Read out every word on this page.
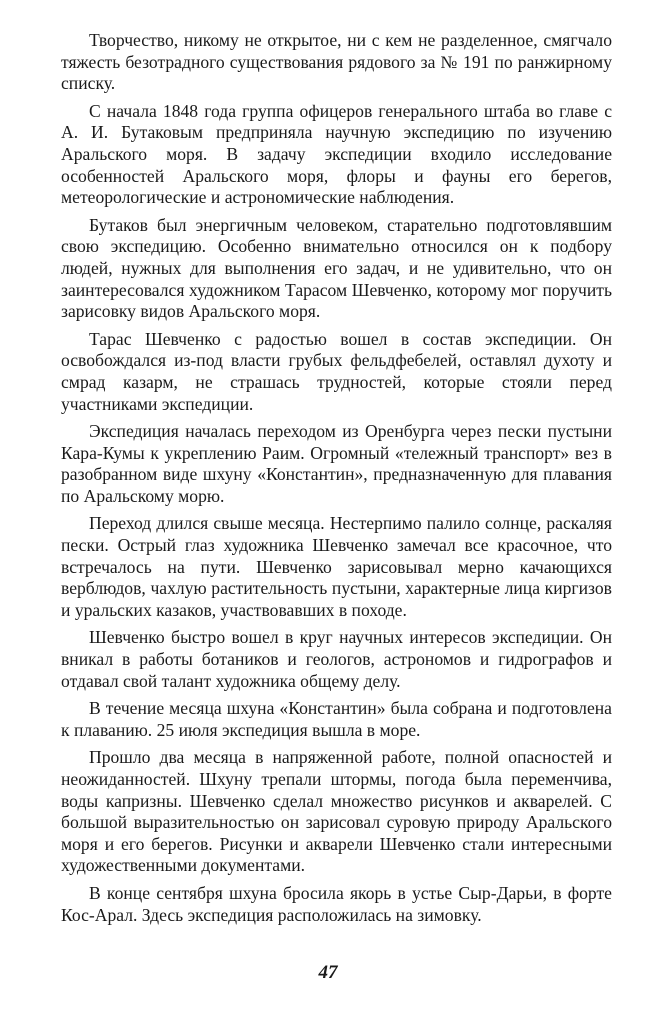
Творчество, никому не открытое, ни с кем не разделенное, смягчало тяжесть безотрадного существования рядового за № 191 по ранжирному списку.

С начала 1848 года группа офицеров генерального штаба во главе с А. И. Бутаковым предприняла научную экспедицию по изучению Аральского моря. В задачу экспедиции входило исследование особенностей Аральского моря, флоры и фауны его берегов, метеорологические и астрономические наблюдения.

Бутаков был энергичным человеком, старательно подготовлявшим свою экспедицию. Особенно внимательно относился он к подбору людей, нужных для выполнения его задач, и не удивительно, что он заинтересовался художником Тарасом Шевченко, которому мог поручить зарисовку видов Аральского моря.

Тарас Шевченко с радостью вошел в состав экспедиции. Он освобождался из-под власти грубых фельдфебелей, оставлял духоту и смрад казарм, не страшась трудностей, которые стояли перед участниками экспедиции.

Экспедиция началась переходом из Оренбурга через пески пустыни Кара-Кумы к укреплению Раим. Огромный «тележный транспорт» вез в разобранном виде шхуну «Константин», предназначенную для плавания по Аральскому морю.

Переход длился свыше месяца. Нестерпимо палило солнце, раскаляя пески. Острый глаз художника Шевченко замечал все красочное, что встречалось на пути. Шевченко зарисовывал мерно качающихся верблюдов, чахлую растительность пустыни, характерные лица киргизов и уральских казаков, участвовавших в походе.

Шевченко быстро вошел в круг научных интересов экспедиции. Он вникал в работы ботаников и геологов, астрономов и гидрографов и отдавал свой талант художника общему делу.

В течение месяца шхуна «Константин» была собрана и подготовлена к плаванию. 25 июля экспедиция вышла в море.

Прошло два месяца в напряженной работе, полной опасностей и неожиданностей. Шхуну трепали штормы, погода была переменчива, воды капризны. Шевченко сделал множество рисунков и акварелей. С большой выразительностью он зарисовал суровую природу Аральского моря и его берегов. Рисунки и акварели Шевченко стали интересными художественными документами.

В конце сентября шхуна бросила якорь в устье Сыр-Дарьи, в форте Кос-Арал. Здесь экспедиция расположилась на зимовку.

47
